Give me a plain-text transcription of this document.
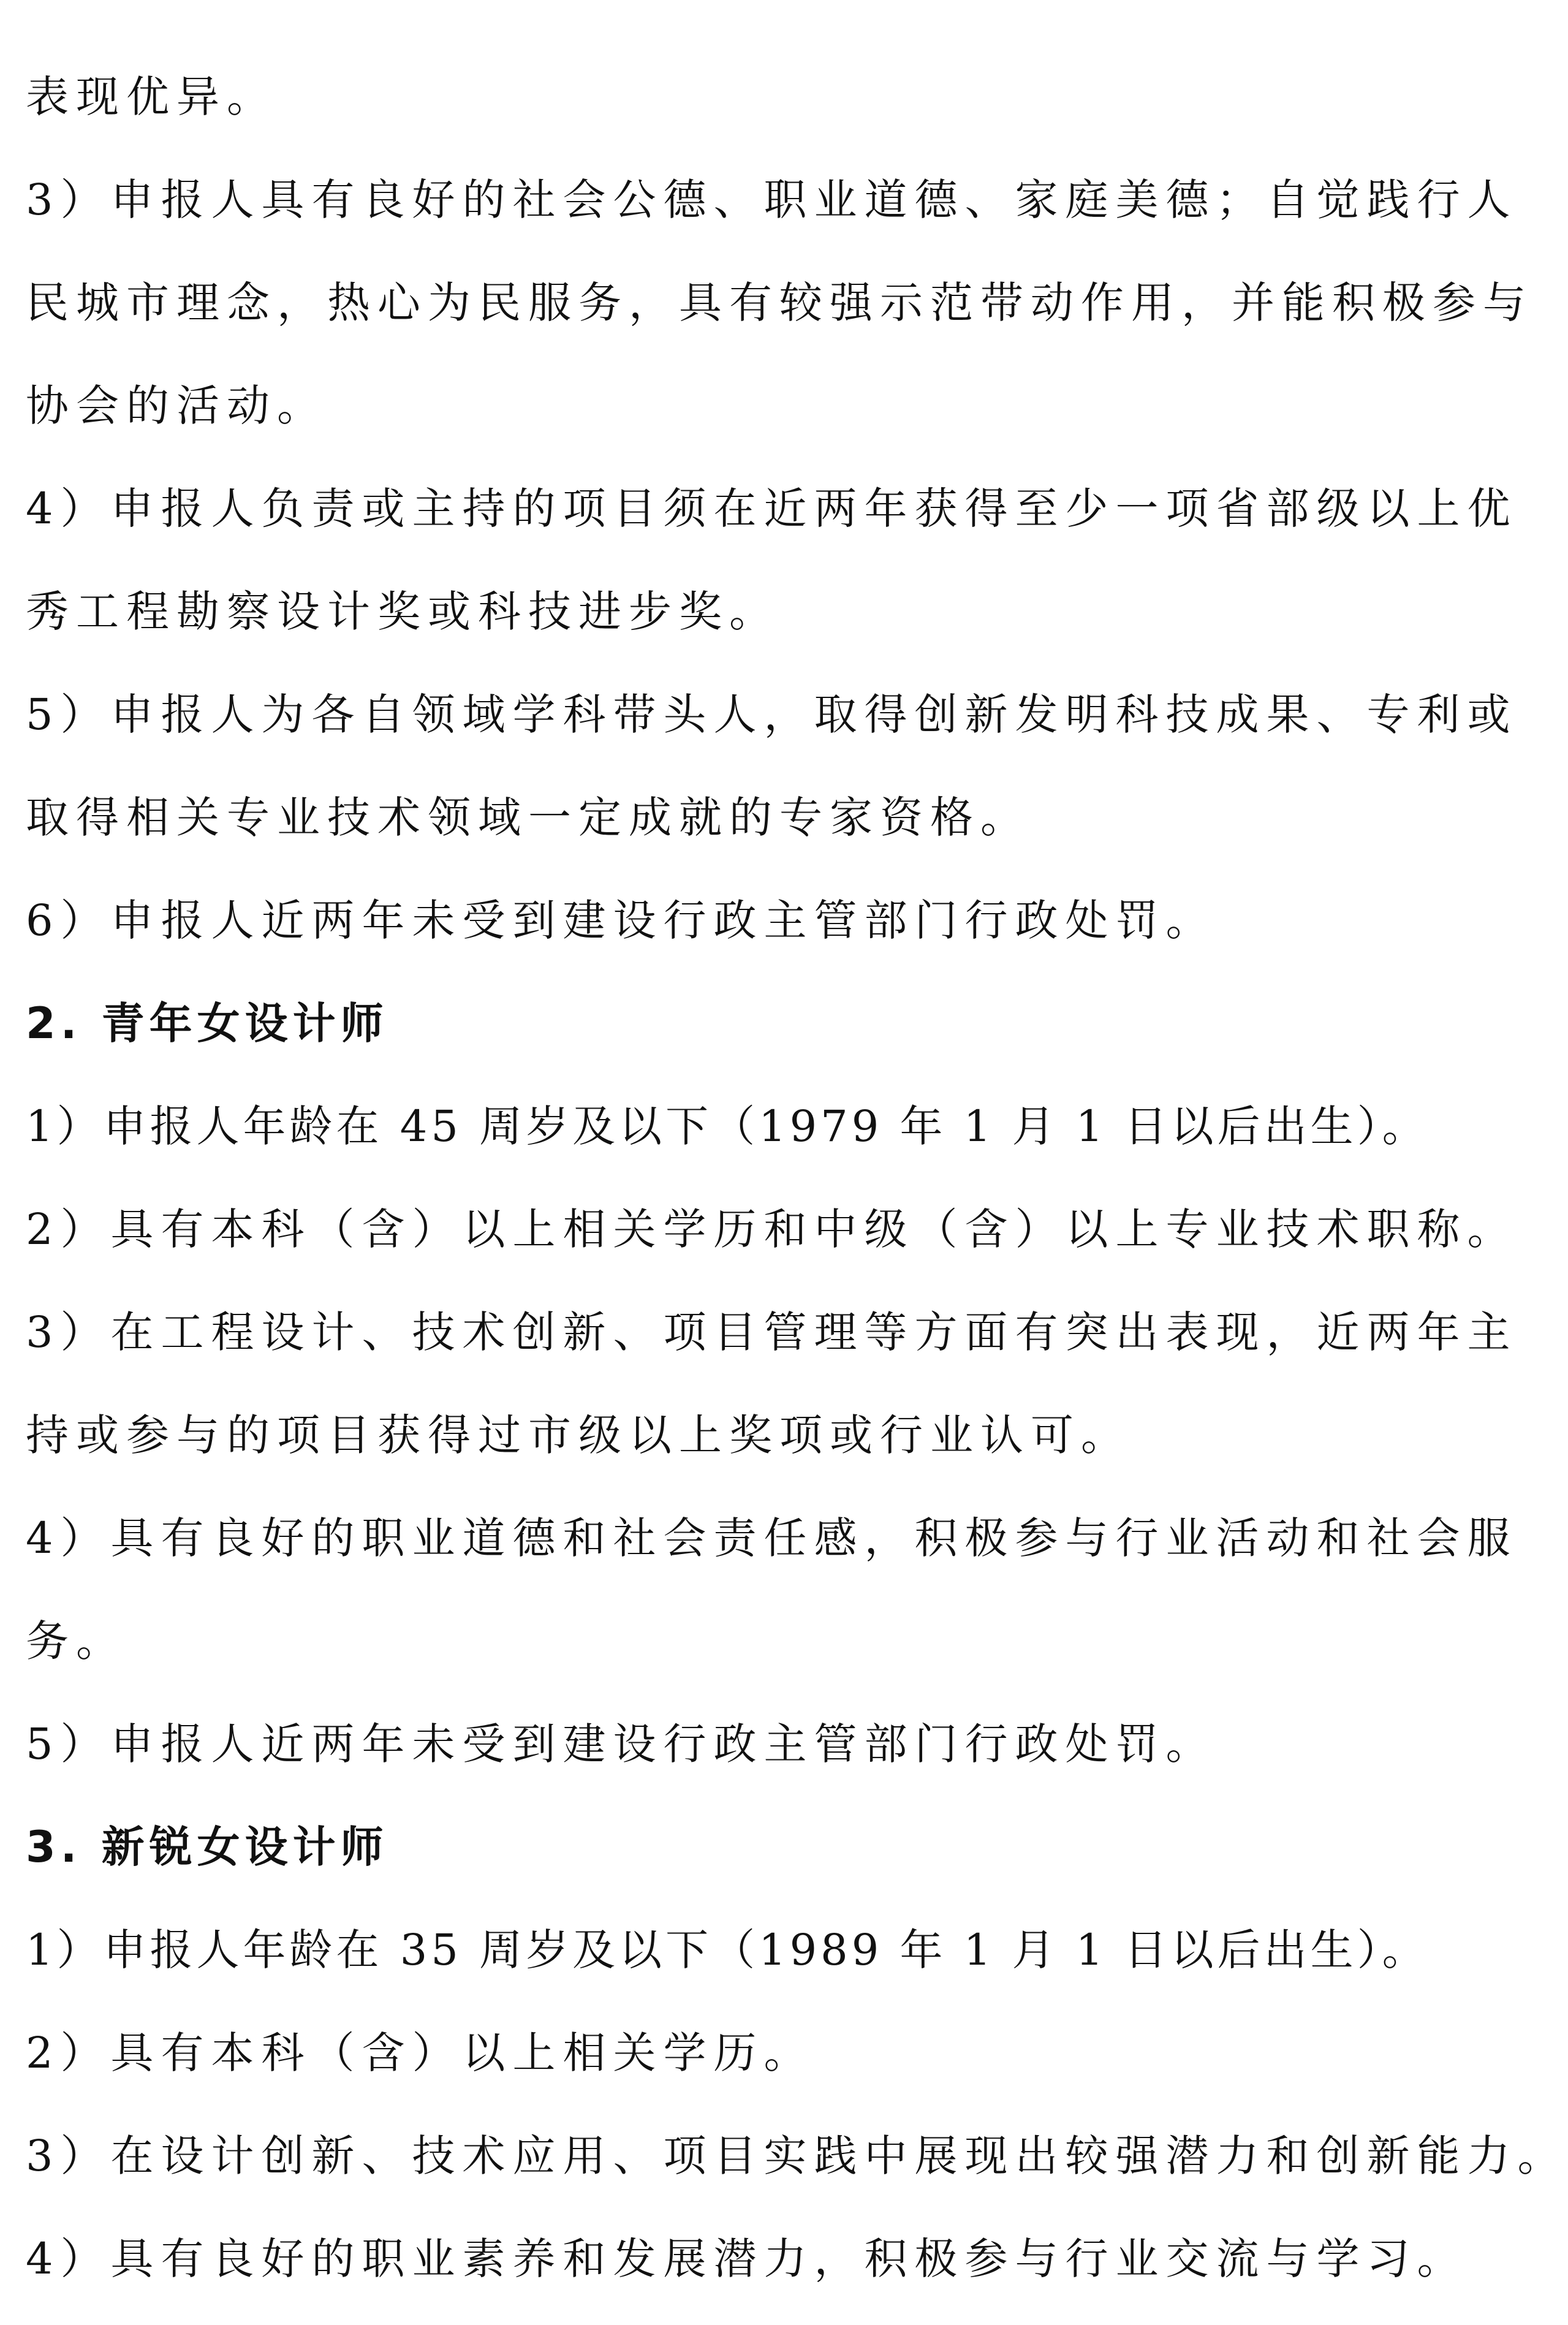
表现优异。
3）申报人具有良好的社会公德、职业道德、家庭美德；自觉践行人
民城市理念，热心为民服务，具有较强示范带动作用，并能积极参与
协会的活动。
4）申报人负责或主持的项目须在近两年获得至少一项省部级以上优
秀工程勘察设计奖或科技进步奖。
5）申报人为各自领域学科带头人，取得创新发明科技成果、专利或
取得相关专业技术领域一定成就的专家资格。
6）申报人近两年未受到建设行政主管部门行政处罚。
2. 青年女设计师
1）申报人年龄在 45 周岁及以下（1979 年 1 月 1 日以后出生）。
2）具有本科（含）以上相关学历和中级（含）以上专业技术职称。
3）在工程设计、技术创新、项目管理等方面有突出表现，近两年主
持或参与的项目获得过市级以上奖项或行业认可。
4）具有良好的职业道德和社会责任感，积极参与行业活动和社会服
务。
5）申报人近两年未受到建设行政主管部门行政处罚。
3. 新锐女设计师
1）申报人年龄在 35 周岁及以下（1989 年 1 月 1 日以后出生）。
2）具有本科（含）以上相关学历。
3）在设计创新、技术应用、项目实践中展现出较强潜力和创新能力。
4）具有良好的职业素养和发展潜力，积极参与行业交流与学习。
